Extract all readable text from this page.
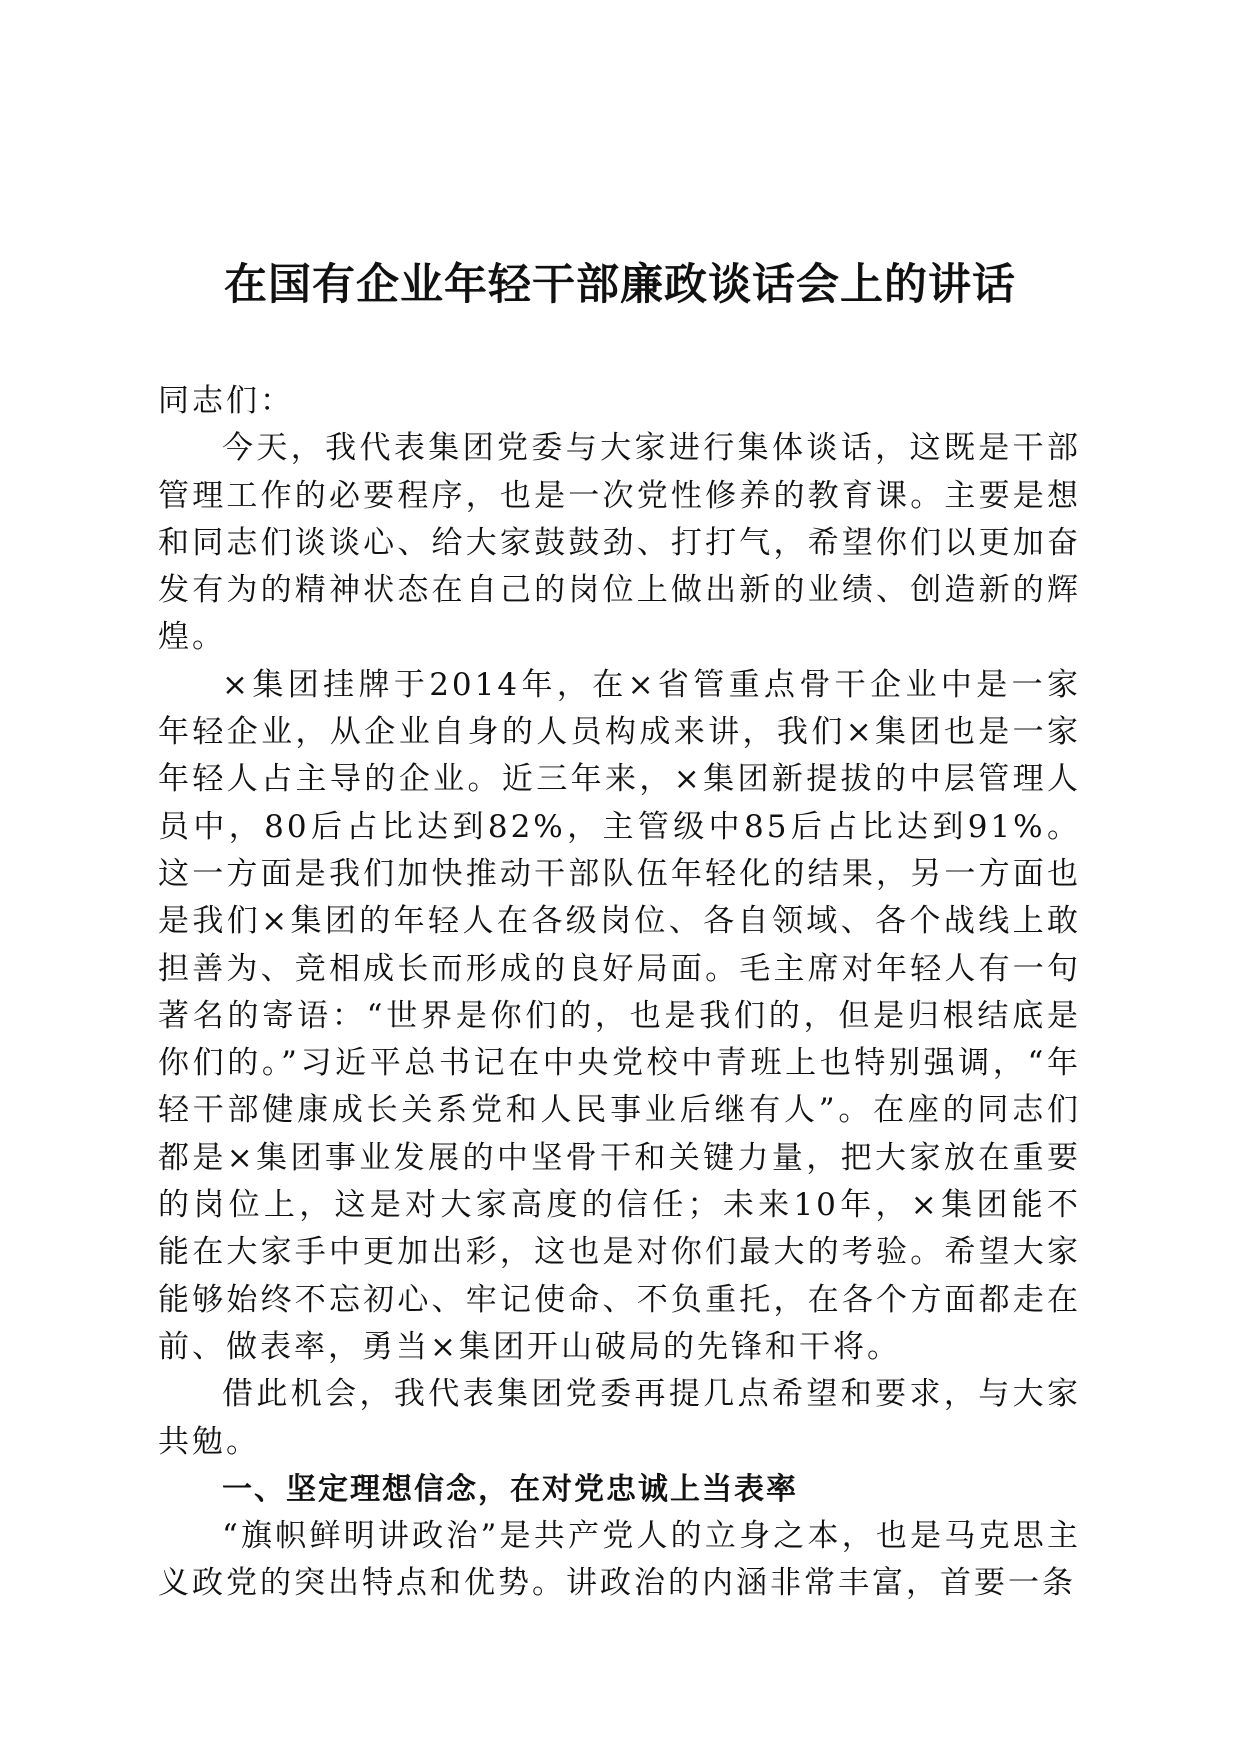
在国有企业年轻干部廉政谈话会上的讲话

同志们：

今天，我代表集团党委与大家进行集体谈话，这既是干部管理工作的必要程序，也是一次党性修养的教育课。主要是想和同志们谈谈心、给大家鼓鼓劲、打打气，希望你们以更加奋发有为的精神状态在自己的岗位上做出新的业绩、创造新的辉煌。

×集团挂牌于2014年，在×省管重点骨干企业中是一家年轻企业，从企业自身的人员构成来讲，我们×集团也是一家年轻人占主导的企业。近三年来，×集团新提拔的中层管理人员中，80后占比达到82%，主管级中85后占比达到91%。这一方面是我们加快推动干部队伍年轻化的结果，另一方面也是我们×集团的年轻人在各级岗位、各自领域、各个战线上敢担善为、竞相成长而形成的良好局面。毛主席对年轻人有一句著名的寄语：“世界是你们的，也是我们的，但是归根结底是你们的。”习近平总书记在中央党校中青班上也特别强调，“年轻干部健康成长关系党和人民事业后继有人”。在座的同志们都是×集团事业发展的中坚骨干和关键力量，把大家放在重要的岗位上，这是对大家高度的信任；未来10年，×集团能不能在大家手中更加出彩，这也是对你们最大的考验。希望大家能够始终不忘初心、牢记使命、不负重托，在各个方面都走在前、做表率，勇当×集团开山破局的先锋和干将。

借此机会，我代表集团党委再提几点希望和要求，与大家共勉。

一、坚定理想信念，在对党忠诚上当表率

“旗帜鲜明讲政治”是共产党人的立身之本，也是马克思主义政党的突出特点和优势。讲政治的内涵非常丰富，首要一条
